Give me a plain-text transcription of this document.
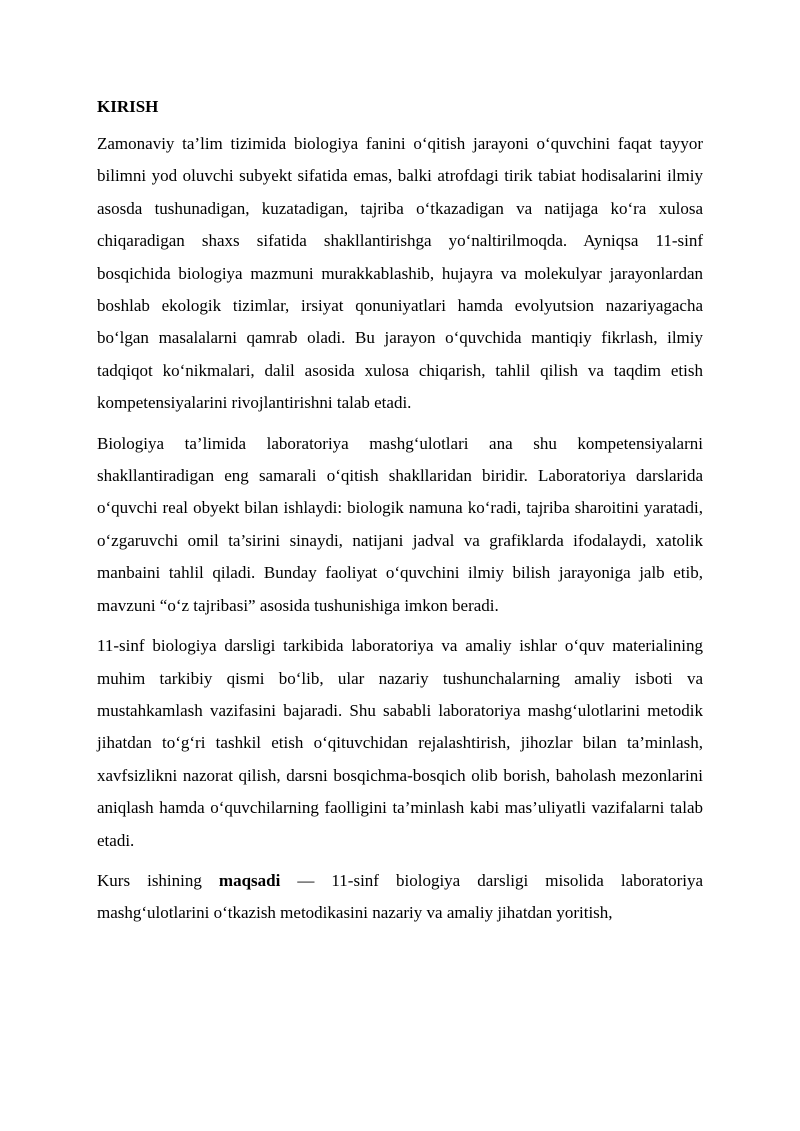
KIRISH

Zamonaviy ta’lim tizimida biologiya fanini o‘qitish jarayoni o‘quvchini faqat tayyor bilimni yod oluvchi subyekt sifatida emas, balki atrofdagi tirik tabiat hodisalarini ilmiy asosda tushunadigan, kuzatadigan, tajriba o‘tkazadigan va natijaga ko‘ra xulosa chiqaradigan shaxs sifatida shakllantirishga yo‘naltirilmoqda. Ayniqsa 11-sinf bosqichida biologiya mazmuni murakkablashib, hujayra va molekulyar jarayonlardan boshlab ekologik tizimlar, irsiyat qonuniyatlari hamda evolyutsion nazariyagacha bo‘lgan masalalarni qamrab oladi. Bu jarayon o‘quvchida mantiqiy fikrlash, ilmiy tadqiqot ko‘nikmalari, dalil asosida xulosa chiqarish, tahlil qilish va taqdim etish kompetensiyalarini rivojlantirishni talab etadi.

Biologiya ta’limida laboratoriya mashg‘ulotlari ana shu kompetensiyalarni shakllantiradigan eng samarali o‘qitish shakllaridan biridir. Laboratoriya darslarida o‘quvchi real obyekt bilan ishlaydi: biologik namuna ko‘radi, tajriba sharoitini yaratadi, o‘zgaruvchi omil ta’sirini sinaydi, natijani jadval va grafiklarda ifodalaydi, xatolik manbaini tahlil qiladi. Bunday faoliyat o‘quvchini ilmiy bilish jarayoniga jalb etib, mavzuni “o‘z tajribasi” asosida tushunishiga imkon beradi.

11-sinf biologiya darsligi tarkibida laboratoriya va amaliy ishlar o‘quv materialining muhim tarkibiy qismi bo‘lib, ular nazariy tushunchalarning amaliy isboti va mustahkamlash vazifasini bajaradi. Shu sababli laboratoriya mashg‘ulotlarini metodik jihatdan to‘g‘ri tashkil etish o‘qituvchidan rejalashtirish, jihozlar bilan ta’minlash, xavfsizlikni nazorat qilish, darsni bosqichma-bosqich olib borish, baholash mezonlarini aniqlash hamda o‘quvchilarning faolligini ta’minlash kabi mas’uliyatli vazifalarni talab etadi.

Kurs ishining maqsadi — 11-sinf biologiya darsligi misolida laboratoriya mashg‘ulotlarini o‘tkazish metodikasini nazariy va amaliy jihatdan yoritish,
